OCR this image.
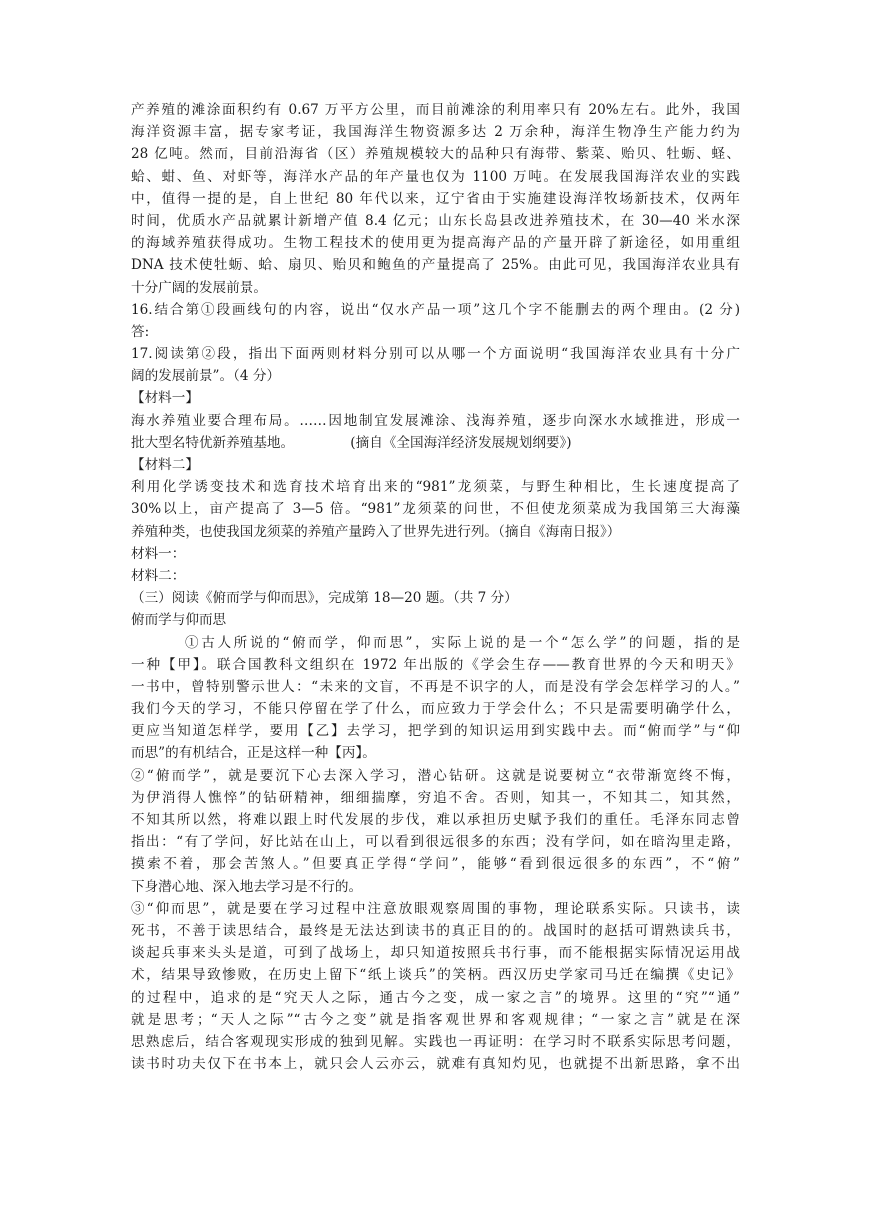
产养殖的滩涂面积约有 0.67 万平方公里，而目前滩涂的利用率只有 20%左右。此外，我国
海洋资源丰富，据专家考证，我国海洋生物资源多达 2 万余种，海洋生物净生产能力约为
28 亿吨。然而，目前沿海省（区）养殖规模较大的品种只有海带、紫菜、贻贝、牡蛎、蛏、
蛤、蚶、鱼、对虾等，海洋水产品的年产量也仅为 1100 万吨。在发展我国海洋农业的实践
中，值得一提的是，自上世纪 80 年代以来，辽宁省由于实施建设海洋牧场新技术，仅两年
时间，优质水产品就累计新增产值 8.4 亿元；山东长岛县改进养殖技术，在 30—40 米水深
的海域养殖获得成功。生物工程技术的使用更为提高海产品的产量开辟了新途径，如用重组
DNA 技术使牡蛎、蛤、扇贝、贻贝和鲍鱼的产量提高了 25%。由此可见，我国海洋农业具有
十分广阔的发展前景。
16.结合第①段画线句的内容，说出“仅水产品一项”这几个字不能删去的两个理由。(2 分)
答:
17.阅读第②段，指出下面两则材料分别可以从哪一个方面说明“我国海洋农业具有十分广
阔的发展前景”。（4 分）
【材料一】
海水养殖业要合理布局。……因地制宜发展滩涂、浅海养殖，逐步向深水水域推进，形成一
批大型名特优新养殖基地。             (摘自《全国海洋经济发展规划纲要》)
【材料二】
利用化学诱变技术和选育技术培育出来的“981”龙须菜，与野生种相比，生长速度提高了
30%以上，亩产提高了 3—5 倍。“981”龙须菜的问世，不但使龙须菜成为我国第三大海藻
养殖种类，也使我国龙须菜的养殖产量跨入了世界先进行列。（摘自《海南日报》）
材料一：
材料二：
（三）阅读《俯而学与仰而思》，完成第 18—20 题。（共 7 分）
俯而学与仰而思
①古人所说的“俯而学，仰而思”，实际上说的是一个“怎么学”的问题，指的是
一种【甲】。联合国教科文组织在 1972 年出版的《学会生存——教育世界的今天和明天》
一书中，曾特别警示世人：“未来的文盲，不再是不识字的人，而是没有学会怎样学习的人。”
我们今天的学习，不能只停留在学了什么，而应致力于学会什么；不只是需要明确学什么，
更应当知道怎样学，要用【乙】去学习，把学到的知识运用到实践中去。而“俯而学”与“仰
而思”的有机结合，正是这样一种【丙】。
②“俯而学”，就是要沉下心去深入学习，潜心钻研。这就是说要树立“衣带渐宽终不悔，
为伊消得人憔悴”的钻研精神，细细揣摩，穷追不舍。否则，知其一，不知其二，知其然，
不知其所以然，将难以跟上时代发展的步伐，难以承担历史赋予我们的重任。毛泽东同志曾
指出：“有了学问，好比站在山上，可以看到很远很多的东西；没有学问，如在暗沟里走路，
摸索不着，那会苦煞人。”但要真正学得“学问”，能够“看到很远很多的东西”，不“俯”
下身潜心地、深入地去学习是不行的。
③“仰而思”，就是要在学习过程中注意放眼观察周围的事物，理论联系实际。只读书，读
死书，不善于读思结合，最终是无法达到读书的真正目的的。战国时的赵括可谓熟读兵书，
谈起兵事来头头是道，可到了战场上，却只知道按照兵书行事，而不能根据实际情况运用战
术，结果导致惨败，在历史上留下“纸上谈兵”的笑柄。西汉历史学家司马迁在编撰《史记》
的过程中，追求的是“究天人之际，通古今之变，成一家之言”的境界。这里的“究”“通”
就是思考；“天人之际”“古今之变”就是指客观世界和客观规律；“一家之言”就是在深
思熟虑后，结合客观现实形成的独到见解。实践也一再证明：在学习时不联系实际思考问题，
读书时功夫仅下在书本上，就只会人云亦云，就难有真知灼见，也就提不出新思路，拿不出
